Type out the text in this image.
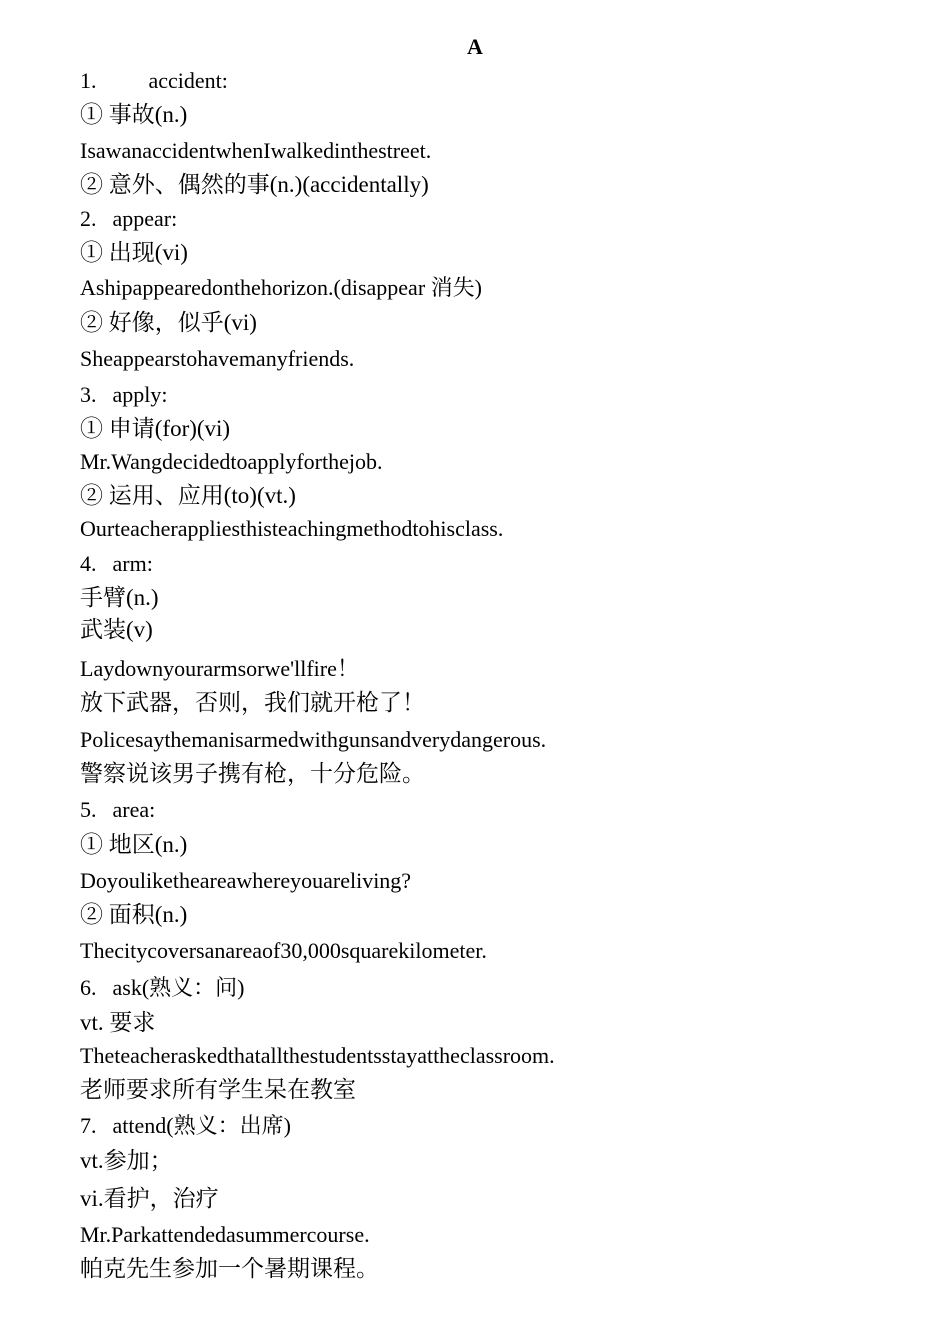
A
1. accident:
① 事故(n.)
IsawanaccidentwhenIwalkedinthestreet.
② 意外、偶然的事(n.)(accidentally)
2. appear:
① 出现(vi)
Ashipappearedonthehorizon.(disappear 消失)
② 好像，似乎(vi)
Sheappearstohavemanyfriends.
3. apply:
① 申请(for)(vi)
Mr.Wangdecidedtoapplyforthejob.
② 运用、应用(to)(vt.)
Ourteacherappliesthisteachingmethodtohisclass.
4. arm:
手臂(n.)
武装(v)
Laydownyourarmsorwe'llfire！
放下武器，否则，我们就开枪了！
Policesaythemanisarmedwithgunsandverydangerous.
警察说该男子携有枪，十分危险。
5. area:
① 地区(n.)
Doyouliketheareawhereyouareliving?
② 面积(n.)
Thecitycoversanareaof30,000squarekilometer.
6. ask(熟义：问)
vt. 要求
Theteacheraskedthatallthestudentsstayattheclassroom.
老师要求所有学生呆在教室
7. attend(熟义：出席)
vt.参加；
vi.看护，治疗
Mr.Parkattendedasummercourse.
帕克先生参加一个暑期课程。
